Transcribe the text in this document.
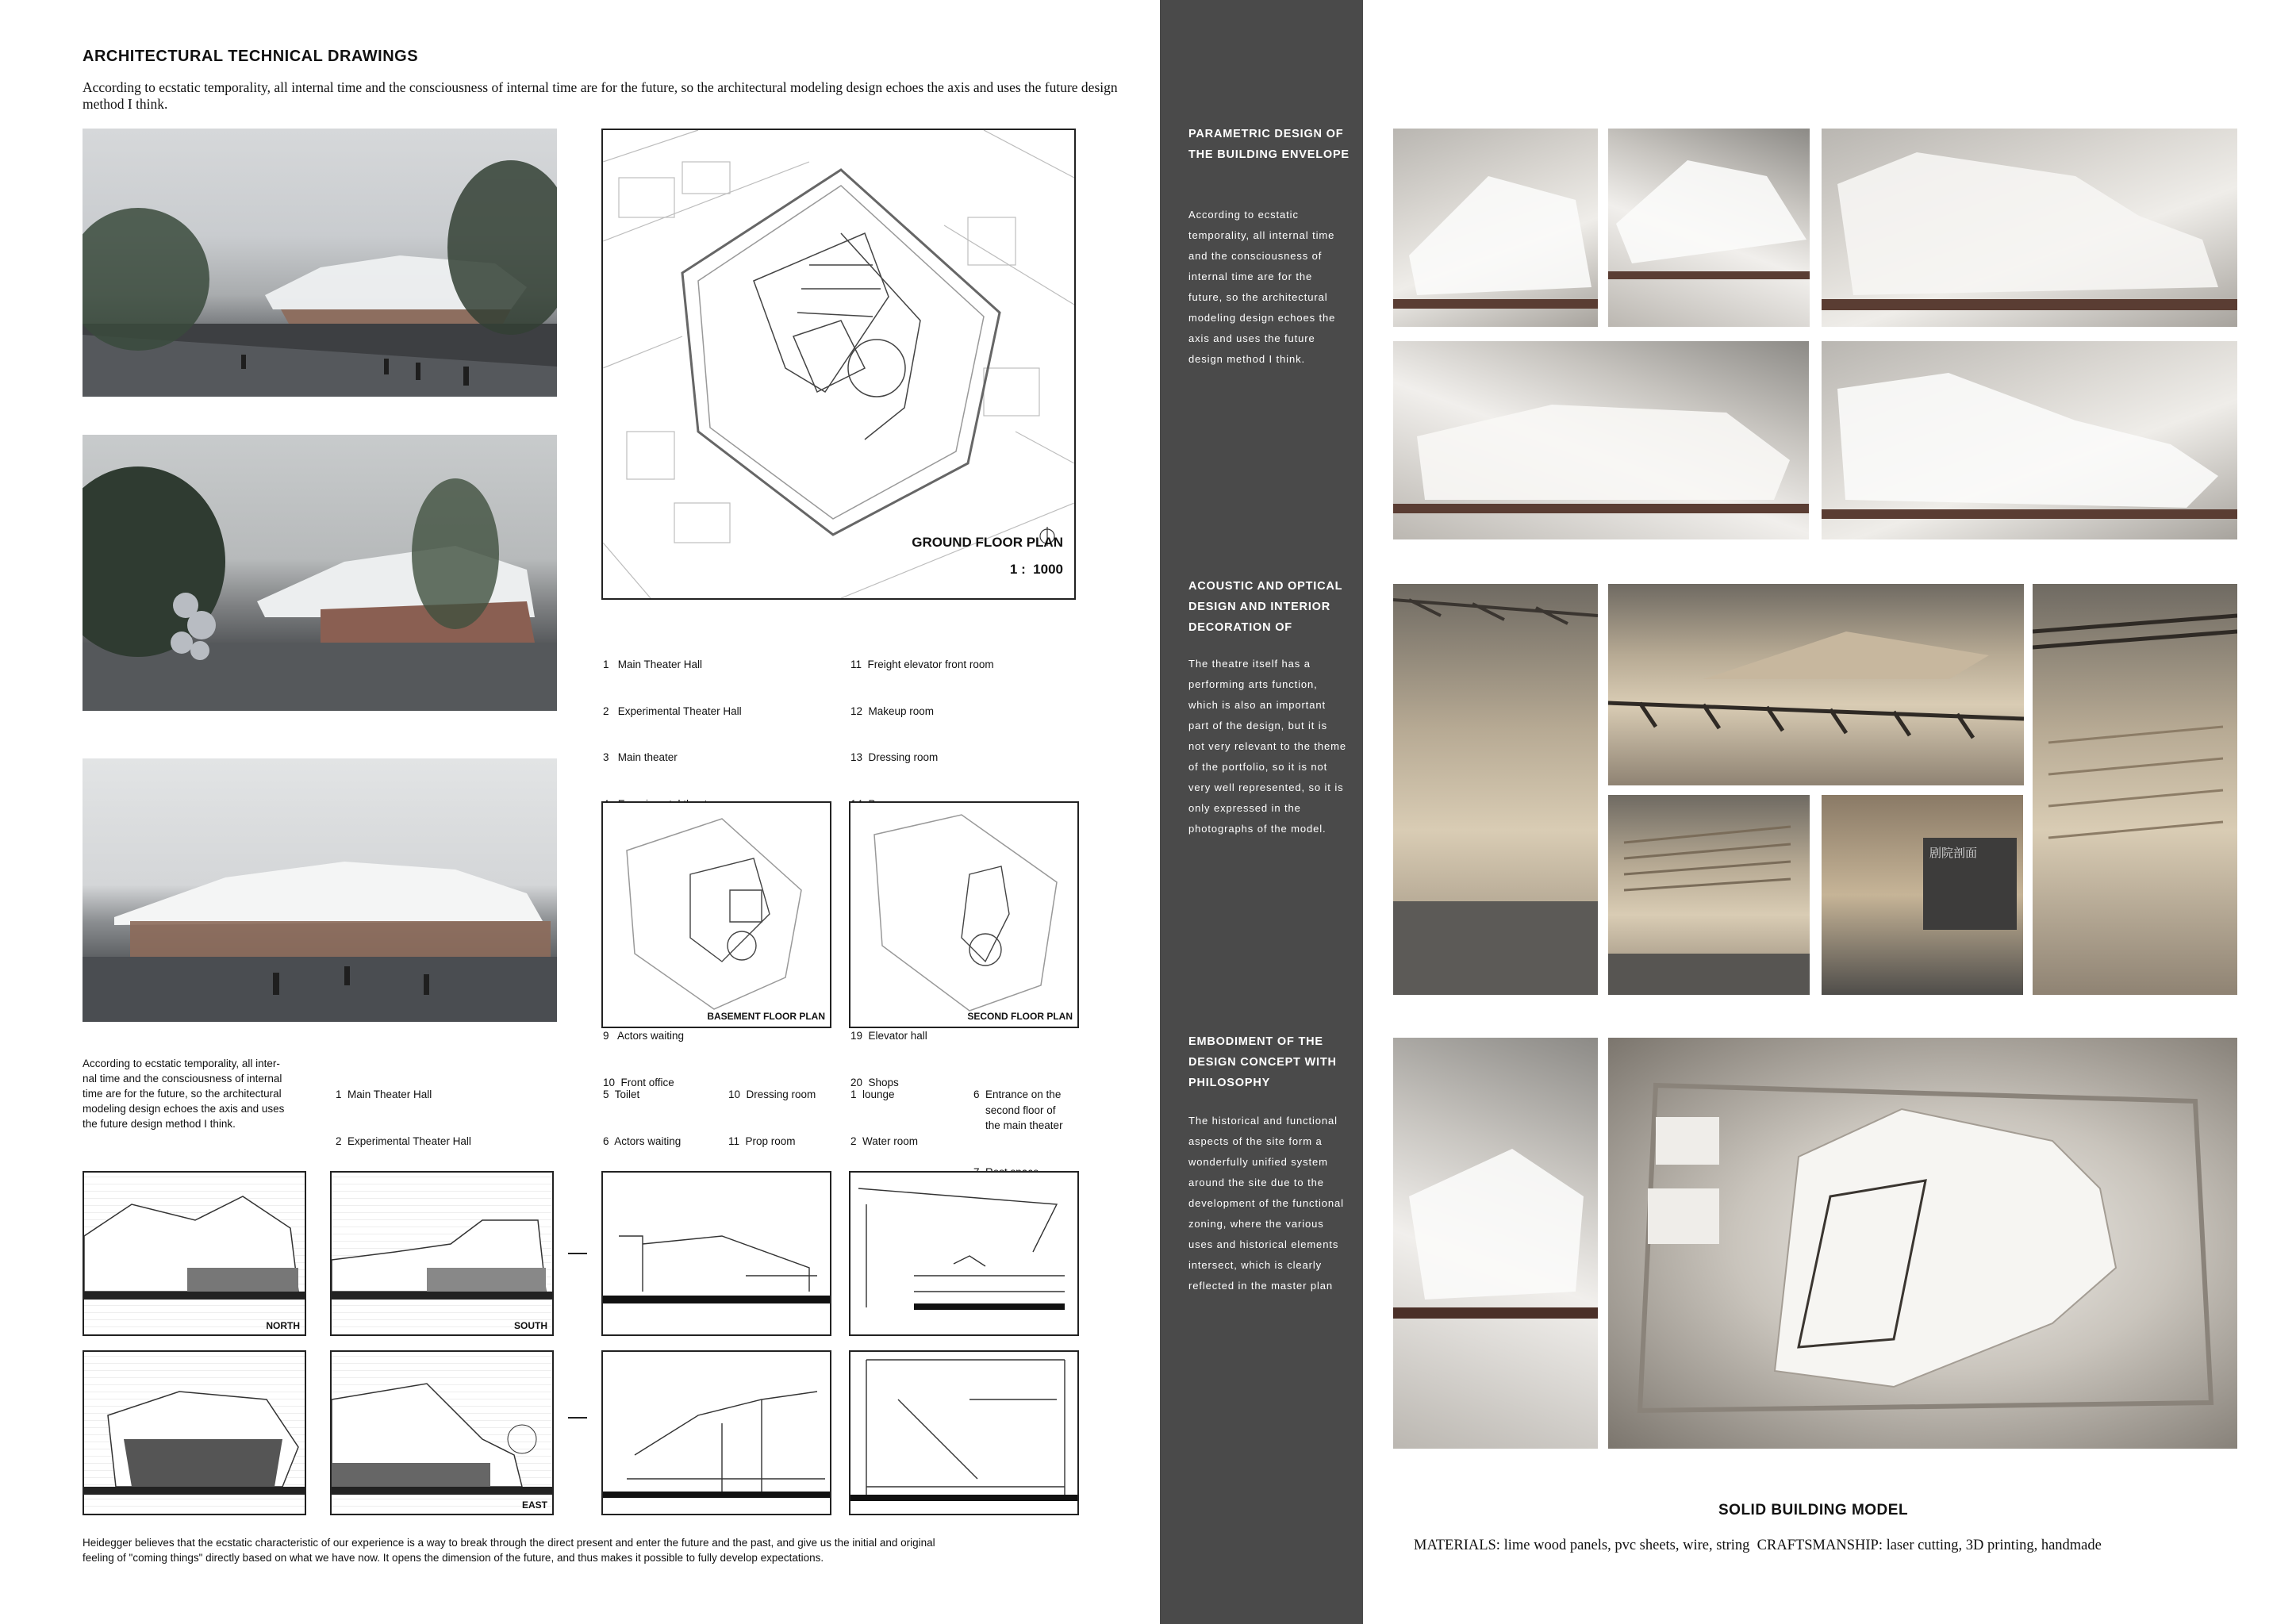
ARCHITECTURAL TECHNICAL DRAWINGS
According to ecstatic temporality, all internal time and the consciousness of internal time are for the future, so the architectural modeling design echoes the axis and uses the future design method I think.
GROUND FLOOR PLAN
1 :  1000

1   Main Theater Hall

2   Experimental Theater Hall

3   Main theater

9   Actors waiting

10  Front office

11  Freight elevator front room

12  Makeup room

13  Dressing room

19  Elevator hall

20  Shops

BASEMENT FLOOR PLAN	SECOND FLOOR PLAN
According to ecstatic temporality, all inter-
nal time and the consciousness of internal
time are for the future, so the architectural
modeling design echoes the axis and uses
the future design method I think.

1  Main Theater Hall

2  Experimental Theater Hall

5  Toilet

6  Actors waiting

10  Dressing room

11  Prop room

1  lounge

2  Water room

6  Entrance on the
second floor of
the main theater

NORTH	SOUTH
EAST
Heidegger believes that the ecstatic characteristic of our experience is a way to break through the direct present and enter the future and the past, and give us the initial and original
feeling of "coming things" directly based on what we have now. It opens the dimension of the future, and thus makes it possible to fully develop expectations.
PARAMETRIC DESIGN OF
THE BUILDING ENVELOPE
According to ecstatic temporality, all internal time and the consciousness of internal time are for the future, so the architectural modeling design echoes the axis and uses the future design method I think.
ACOUSTIC AND OPTICAL
DESIGN AND INTERIOR
DECORATION OF
The theatre itself has a performing arts function, which is also an important part of the design, but it is not very relevant to the theme of the portfolio, so it is not very well represented, so it is only expressed in the photographs of the model.
EMBODIMENT OF THE
DESIGN CONCEPT WITH
PHILOSOPHY
The historical and functional aspects of the site form a wonderfully unified system around the site due to the development of the functional zoning, where the various uses and historical elements intersect, which is clearly reflected in the master plan
剧院剖面
SOLID BUILDING MODEL
MATERIALS: lime wood panels, pvc sheets, wire, string  CRAFTSMANSHIP: laser cutting, 3D printing, handmade
